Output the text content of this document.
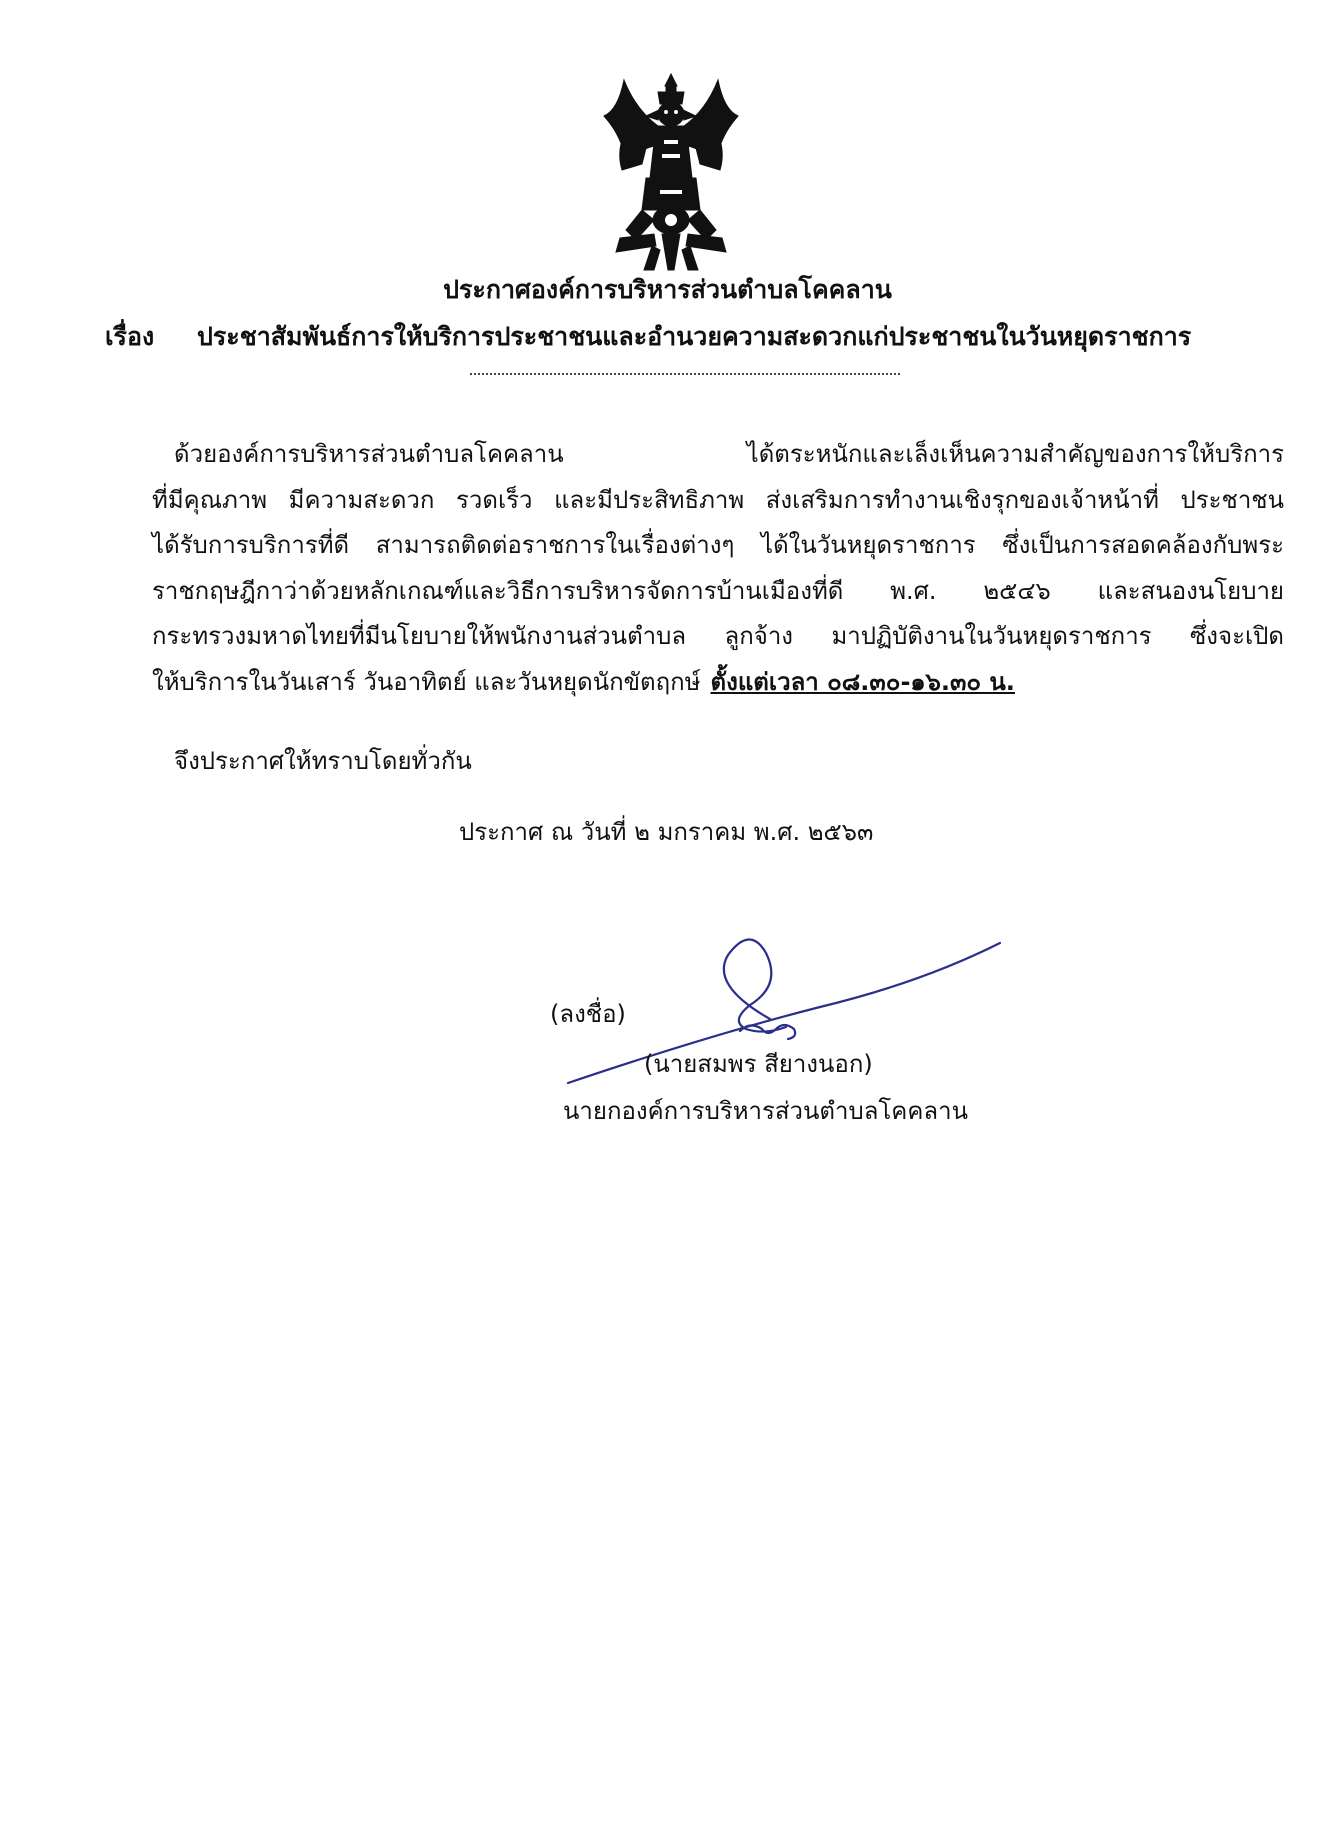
ประกาศองค์การบริหารส่วนตำบลโคคลาน
เรื่อง ประชาสัมพันธ์การให้บริการประชาชนและอำนวยความสะดวกแก่ประชาชนในวันหยุดราชการ
ด้วยองค์การบริหารส่วนตำบลโคคลาน ได้ตระหนักและเล็งเห็นความสำคัญของการให้บริการ
ที่มีคุณภาพ มีความสะดวก รวดเร็ว และมีประสิทธิภาพ ส่งเสริมการทำงานเชิงรุกของเจ้าหน้าที่ ประชาชน
ได้รับการบริการที่ดี สามารถติดต่อราชการในเรื่องต่างๆ ได้ในวันหยุดราชการ ซึ่งเป็นการสอดคล้องกับพระ
ราชกฤษฎีกาว่าด้วยหลักเกณฑ์และวิธีการบริหารจัดการบ้านเมืองที่ดี พ.ศ. ๒๕๔๖ และสนองนโยบาย
กระทรวงมหาดไทยที่มีนโยบายให้พนักงานส่วนตำบล ลูกจ้าง มาปฏิบัติงานในวันหยุดราชการ ซึ่งจะเปิด
ให้บริการในวันเสาร์ วันอาทิตย์ และวันหยุดนักขัตฤกษ์ ตั้งแต่เวลา ๐๘.๓๐-๑๖.๓๐ น.
จึงประกาศให้ทราบโดยทั่วกัน
ประกาศ ณ วันที่ ๒ มกราคม พ.ศ. ๒๕๖๓
(ลงชื่อ)
(นายสมพร สียางนอก)
นายกองค์การบริหารส่วนตำบลโคคลาน
